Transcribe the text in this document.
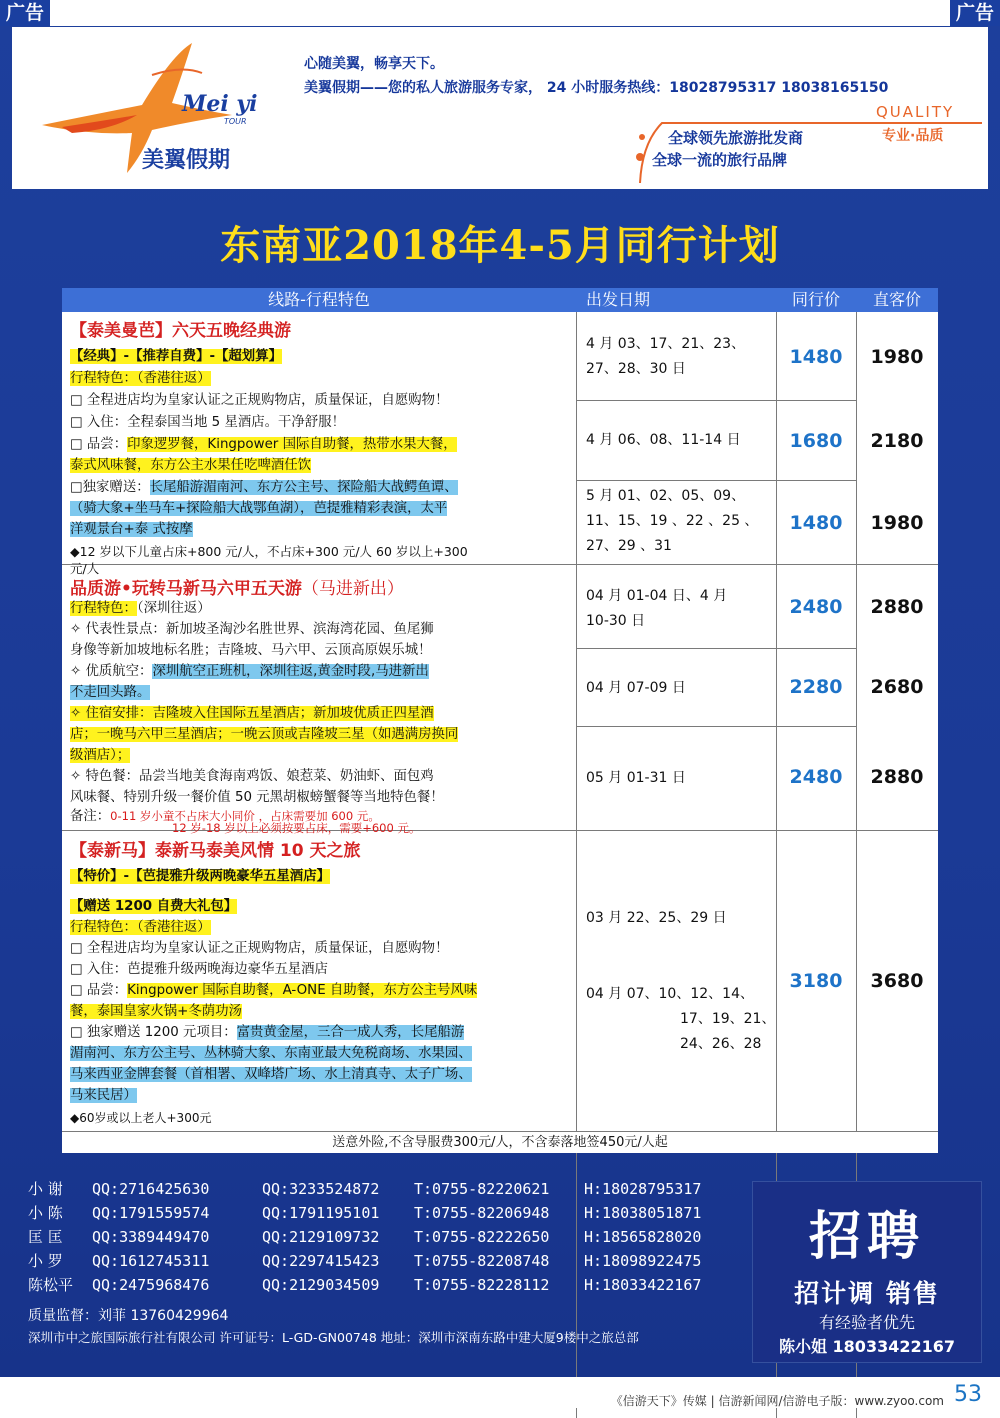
广告	广告
Mei yi
TOUR
美翼假期
心随美翼，畅享天下。
美翼假期——您的私人旅游服务专家， 24 小时服务热线：18028795317 18038165150
全球领先旅游批发商
全球一流的旅行品牌
QUALITY
专业·品质
东南亚2018年4-5月同行计划
线路-行程特色	出发日期	同行价	直客价
【泰美曼芭】六天五晚经典游
【经典】-【推荐自费】-【超划算】
行程特色：（香港往返）
□ 全程进店均为皇家认证之正规购物店，质量保证，自愿购物！
□ 入住：全程泰国当地 5 星酒店。干净舒服！
□ 品尝：印象逻罗餐，Kingpower 国际自助餐，热带水果大餐，
泰式风味餐，东方公主水果任吃啤酒任饮
□独家赠送：长尾船游湄南河、东方公主号、探险船大战鳄鱼谭、
（骑大象+坐马车+探险船大战鄂鱼湖），芭提雅精彩表演，太平
洋观景台+泰 式按摩
◆12 岁以下儿童占床+800 元/人，不占床+300 元/人 60 岁以上+300
元/人
4 月 03、17、21、23、
27、28、30 日
1480	1980
4 月 06、08、11-14 日	1680	2180
5 月 01、02、05、09、
11、15、19 、22 、25 、
27、29 、31
1480	1980
品质游•玩转马新马六甲五天游（马进新出）
行程特色：（深圳往返）
✧ 代表性景点：新加坡圣淘沙名胜世界、滨海湾花园、鱼尾狮
身像等新加坡地标名胜；吉隆坡、马六甲、云顶高原娱乐城！
✧ 优质航空：深圳航空正班机，深圳往返,黄金时段,马进新出
不走回头路。
✧ 住宿安排：吉隆坡入住国际五星酒店；新加坡优质正四星酒
店；一晚马六甲三星酒店；一晚云顶或吉隆坡三星（如遇满房换同
级酒店）；
✧ 特色餐：品尝当地美食海南鸡饭、娘惹菜、奶油虾、面包鸡
风味餐、特别升级一餐价值 50 元黑胡椒螃蟹餐等当地特色餐！
备注：0-11 岁小童不占床大小同价 ，占床需要加 600 元。
12 岁-18 岁以上必须按要占床，需要+600 元。
04 月 01-04 日、4 月
10-30 日
2480	2880
04 月 07-09 日	2280	2680
05 月 01-31 日	2480	2880
【泰新马】泰新马泰美风情 10 天之旅
【特价】-【芭提雅升级两晚豪华五星酒店】
【赠送 1200 自费大礼包】
行程特色：（香港往返）
□ 全程进店均为皇家认证之正规购物店，质量保证，自愿购物！
□ 入住：芭提雅升级两晚海边豪华五星酒店
□ 品尝：Kingpower 国际自助餐，A-ONE 自助餐，东方公主号风味
餐，泰国皇家火锅+冬荫功汤
□ 独家赠送 1200 元项目：富贵黄金屋，三合一成人秀，长尾船游
湄南河、东方公主号、丛林骑大象、东南亚最大免税商场、水果园、
马来西亚金牌套餐（首相署、双峰塔广场、水上清真寺、太子广场、
马来民居）
◆60岁或以上老人+300元
03 月 22、25、29 日
04 月 07、10、12、14、
17、19、21、
24、26、28
3180	3680
送意外险,不含导服费300元/人，不含泰落地签450元/人起
小 谢 QQ:2716425630	QQ:3233524872 T:0755-82220621 H:18028795317
小 陈 QQ:1791559574	QQ:1791195101 T:0755-82206948 H:18038051871
匡 匡 QQ:3389449470	QQ:2129109732 T:0755-82222650 H:18565828020
小 罗 QQ:1612745311	QQ:2297415423 T:0755-82208748 H:18098922475
陈松平 QQ:2475968476	QQ:2129034509 T:0755-82228112 H:18033422167
质量监督：刘菲 13760429964
深圳市中之旅国际旅行社有限公司 许可证号：L-GD-GN00748 地址：深圳市深南东路中建大厦9楼中之旅总部
招聘
招计调 销售
有经验者优先
陈小姐 18033422167
《信游天下》传媒 | 信游新闻网/信游电子版：www.zyoo.com 53
